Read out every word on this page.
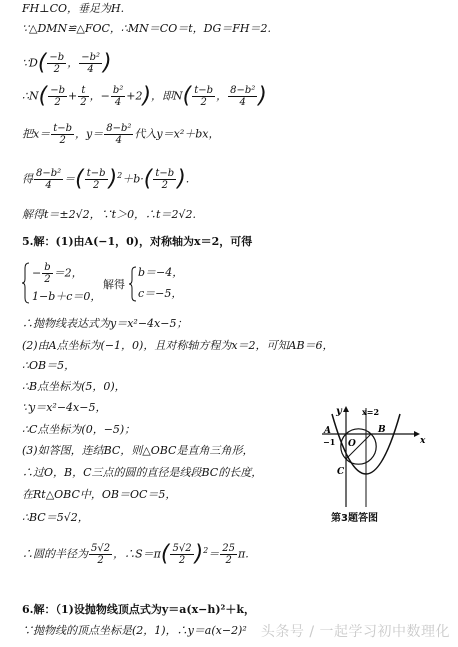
FH⊥CO，垂足为H.
∵△DMN≌△FOC，∴MN＝CO＝t，DG＝FH＝2.
∵D( $\frac{-b}{2}$ ， $\frac{\text{−b²}}{4}$ )
∴N( $\frac{-b}{2} + \frac{t}{2}$ ，− $\frac{\text{b²}}{4} +2$)，即$N( \frac{t-b}{2}$ ， $\frac{\text{8−b²}}{4}$ )
把$x= \frac{t-b}{2}$ ，$y= \frac{\text{8−b²}}{4}$ 代入y＝x²＋bx，
得 $\frac{\text{8−b²}}{4}$ ＝( $\frac{t-b}{2} )^2+b\cdot( \frac{t-b}{2}$ ).
解得t＝±2√2，∵t＞0，∴t＝2√2.
5.解：(1)由A(−1，0)，对称轴为x＝2，可得
− $\frac{b}{2} =2$，
1−b＋c＝0，
解得
b＝−4，
c＝−5，
∴抛物线表达式为y＝x²−4x−5；
(2)由A点坐标为(−1，0)，且对称轴方程为x＝2，可知AB＝6，
∴OB＝5，
∴B点坐标为(5，0)，
∵y＝x²−4x−5，
∴C点坐标为(0，−5)；
(3)如答图，连结BC，则△OBC是直角三角形，
∴过O，B，C三点的圆的直径是线段BC的长度，
在Rt△OBC中，OB＝OC＝5，
∴BC＝5√2，
∴圆的半径为 $\frac{5√2}{2}$ ，∴S＝π( $\frac{5√2}{2} )^2= \frac{25}{2} \pi$.
6.解：（1)设抛物线顶点式为y＝a(x−h)²＋k，
∵抛物线的顶点坐标是(2，1)，∴y＝a(x−2)²
y	x=2
x
A
−1 O
B
C
第3题答图
头条号 / 一起学习初中数理化
